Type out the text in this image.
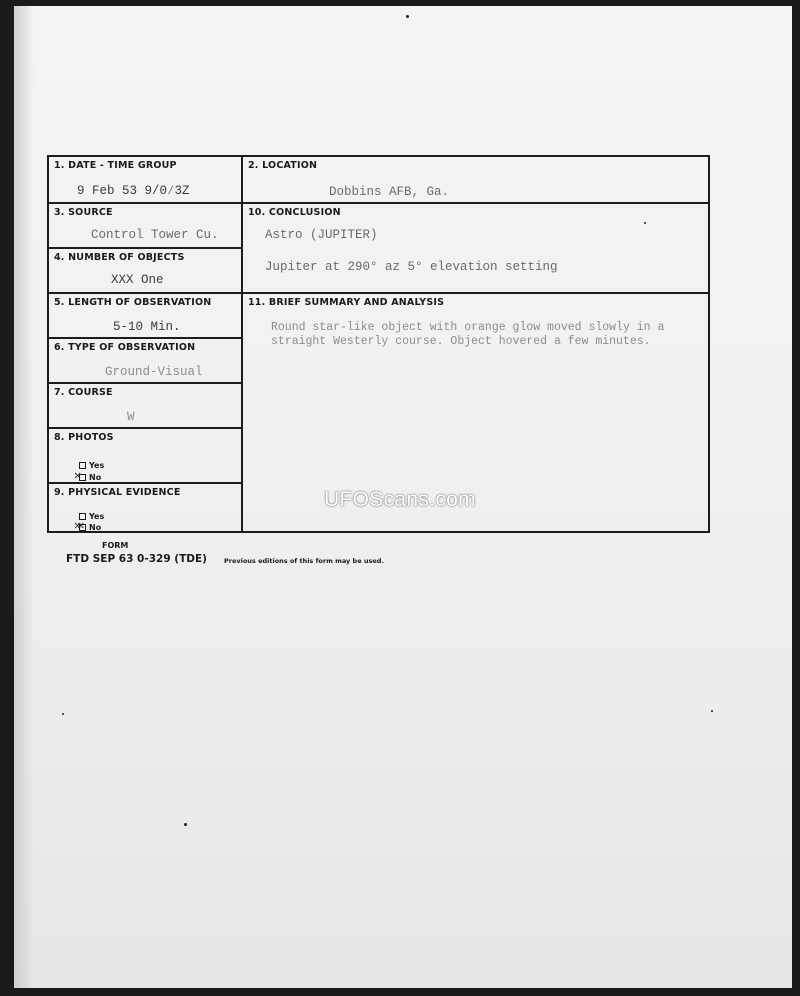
1. DATE - TIME GROUP
9 Feb 53 9/0⁄3Z
2. LOCATION
Dobbins AFB, Ga.
3. SOURCE
Control Tower Cu.
10. CONCLUSION
Astro (JUPITER)
Jupiter at 290° az 5° elevation setting
4. NUMBER OF OBJECTS
XXX One
5. LENGTH OF OBSERVATION
5-10 Min.
11. BRIEF SUMMARY AND ANALYSIS
Round star-like object with orange glow moved slowly in a
straight Westerly course. Object hovered a few minutes.
6. TYPE OF OBSERVATION
Ground-Visual
7. COURSE
W
8. PHOTOS
Yes
No
✕
9. PHYSICAL EVIDENCE
Yes
No
✕✕
FORM
FTD SEP 63 0-329 (TDE)	Previous editions of this form may be used.
UFOScans.com
